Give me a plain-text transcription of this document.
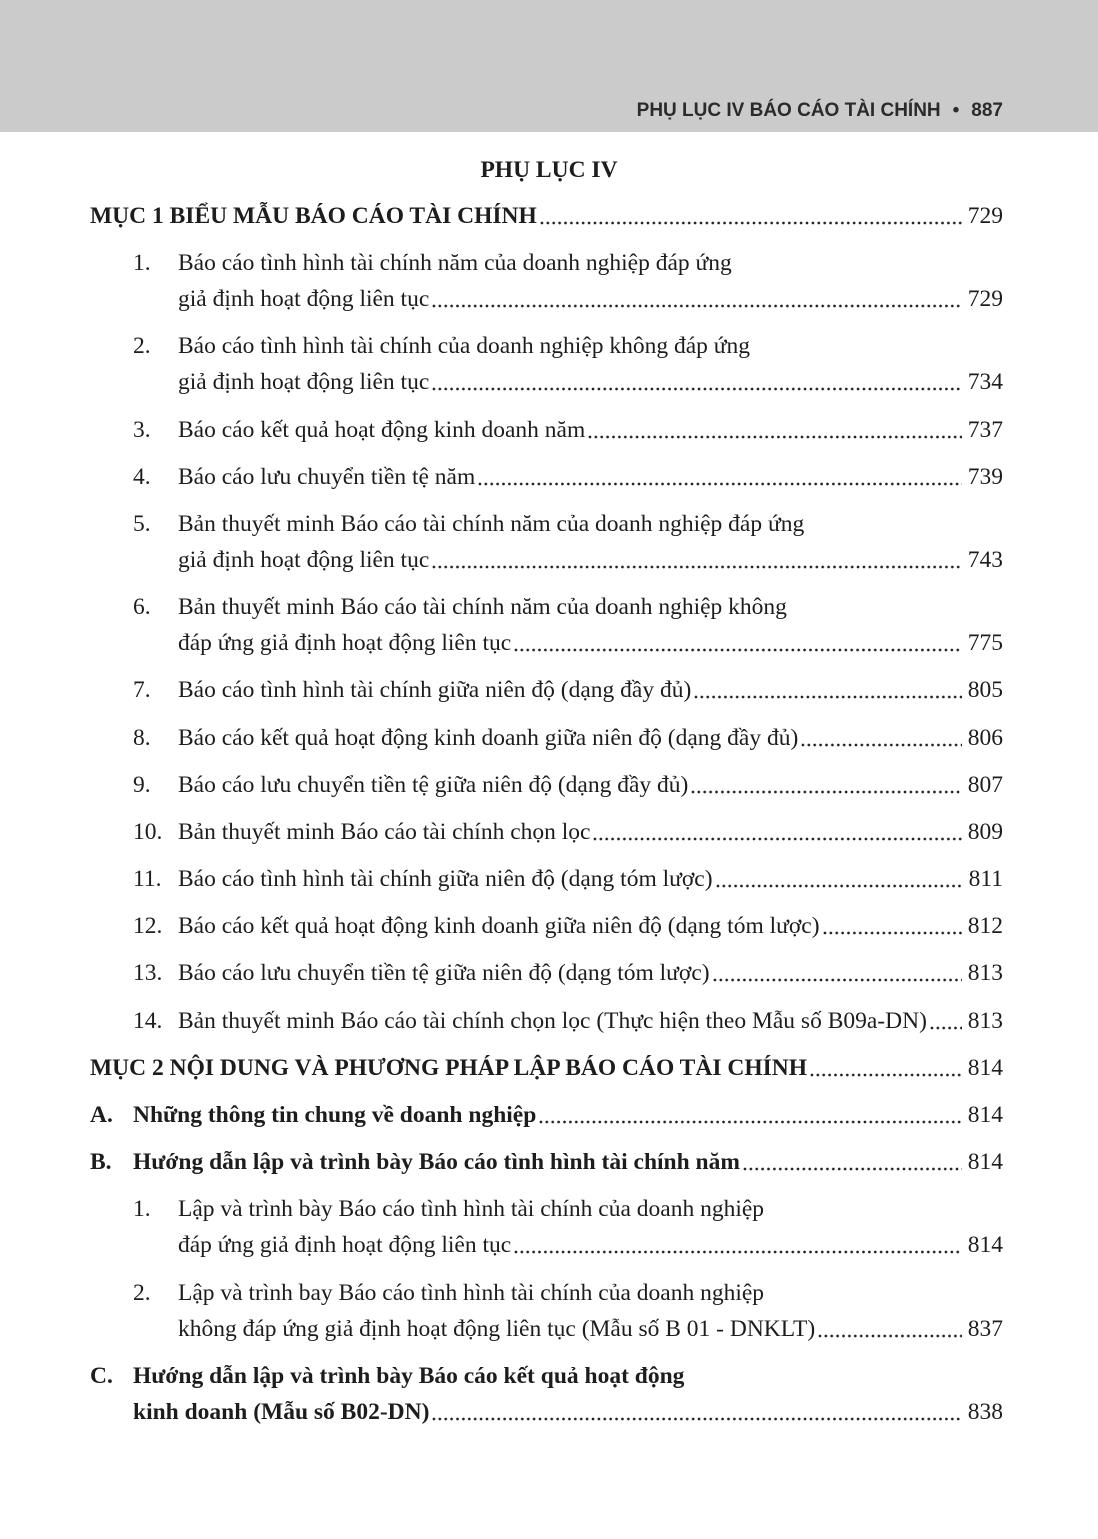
PHỤ LỤC IV BÁO CÁO TÀI CHÍNH • 887
PHỤ LỤC IV
MỤC 1 BIỂU MẪU BÁO CÁO TÀI CHÍNH	729
1.	Báo cáo tình hình tài chính năm của doanh nghiệp đáp ứng
giả định hoạt động liên tục	729
2.	Báo cáo tình hình tài chính của doanh nghiệp không đáp ứng
giả định hoạt động liên tục	734
3.	Báo cáo kết quả hoạt động kinh doanh năm	737
4.	Báo cáo lưu chuyển tiền tệ năm	739
5.	Bản thuyết minh Báo cáo tài chính năm của doanh nghiệp đáp ứng
giả định hoạt động liên tục	743
6.	Bản thuyết minh Báo cáo tài chính năm của doanh nghiệp không
đáp ứng giả định hoạt động liên tục	775
7.	Báo cáo tình hình tài chính giữa niên độ (dạng đầy đủ)	805
8.	Báo cáo kết quả hoạt động kinh doanh giữa niên độ (dạng đầy đủ)	806
9.	Báo cáo lưu chuyển tiền tệ giữa niên độ (dạng đầy đủ)	807
10. Bản thuyết minh Báo cáo tài chính chọn lọc	809
11. Báo cáo tình hình tài chính giữa niên độ (dạng tóm lược)	811
12. Báo cáo kết quả hoạt động kinh doanh giữa niên độ (dạng tóm lược)	812
13. Báo cáo lưu chuyển tiền tệ giữa niên độ (dạng tóm lược)	813
14. Bản thuyết minh Báo cáo tài chính chọn lọc (Thực hiện theo Mẫu số B09a-DN) 813
MỤC 2 NỘI DUNG VÀ PHƯƠNG PHÁP LẬP BÁO CÁO TÀI CHÍNH	814
A. Những thông tin chung về doanh nghiệp	814
B. Hướng dẫn lập và trình bày Báo cáo tình hình tài chính năm	814
1.	Lập và trình bày Báo cáo tình hình tài chính của doanh nghiệp
đáp ứng giả định hoạt động liên tục	814
2.	Lập và trình bay Báo cáo tình hình tài chính của doanh nghiệp
không đáp ứng giả định hoạt động liên tục (Mẫu số B 01 - DNKLT)	837
C. Hướng dẫn lập và trình bày Báo cáo kết quả hoạt động
kinh doanh (Mẫu số B02-DN)	838
